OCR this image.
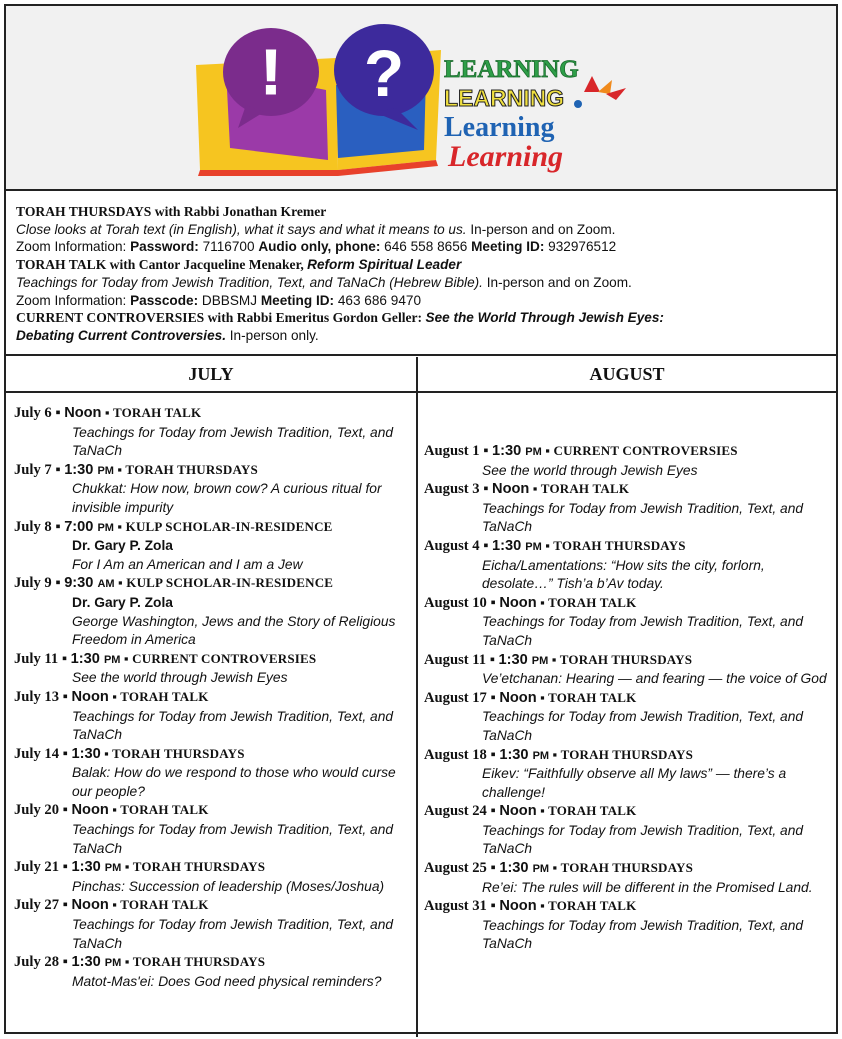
! ? LEARNING
LEARNING
Learning
Learning
TORAH THURSDAYS with Rabbi Jonathan Kremer
Close looks at Torah text (in English), what it says and what it means to us. In-person and on Zoom.
Zoom Information: Password: 7116700 Audio only, phone: 646 558 8656 Meeting ID: 932976512
TORAH TALK with Cantor Jacqueline Menaker, Reform Spiritual Leader
Teachings for Today from Jewish Tradition, Text, and TaNaCh (Hebrew Bible). In-person and on Zoom.
Zoom Information: Passcode: DBBSMJ Meeting ID: 463 686 9470
CURRENT CONTROVERSIES with Rabbi Emeritus Gordon Geller: See the World Through Jewish Eyes:
Debating Current Controversies. In-person only.
JULY	AUGUST
July 6 ▪ Noon ▪ TORAH TALK
Teachings for Today from Jewish Tradition, Text, and TaNaCh
July 7 ▪ 1:30 PM ▪ TORAH THURSDAYS
Chukkat: How now, brown cow? A curious ritual for invisible impurity
July 8 ▪ 7:00 PM ▪ KULP SCHOLAR-IN-RESIDENCE
Dr. Gary P. Zola
For I Am an American and I am a Jew
July 9 ▪ 9:30 AM ▪ KULP SCHOLAR-IN-RESIDENCE
Dr. Gary P. Zola
George Washington, Jews and the Story of Religious Freedom in America
July 11 ▪ 1:30 PM ▪ CURRENT CONTROVERSIES
See the world through Jewish Eyes
July 13 ▪ Noon ▪ TORAH TALK
Teachings for Today from Jewish Tradition, Text, and TaNaCh
July 14 ▪ 1:30 ▪ TORAH THURSDAYS
Balak: How do we respond to those who would curse our people?
July 20 ▪ Noon ▪ TORAH TALK
Teachings for Today from Jewish Tradition, Text, and TaNaCh
July 21 ▪ 1:30 PM ▪ TORAH THURSDAYS
Pinchas: Succession of leadership (Moses/Joshua)
July 27 ▪ Noon ▪ TORAH TALK
Teachings for Today from Jewish Tradition, Text, and TaNaCh
July 28 ▪ 1:30 PM ▪ TORAH THURSDAYS
Matot-Mas'ei: Does God need physical reminders?
August 1 ▪ 1:30 PM ▪ CURRENT CONTROVERSIES
See the world through Jewish Eyes
August 3 ▪ Noon ▪ TORAH TALK
Teachings for Today from Jewish Tradition, Text, and TaNaCh
August 4 ▪ 1:30 PM ▪ TORAH THURSDAYS
Eicha/Lamentations: “How sits the city, forlorn, desolate…” Tish’a b’Av today.
August 10 ▪ Noon ▪ TORAH TALK
Teachings for Today from Jewish Tradition, Text, and TaNaCh
August 11 ▪ 1:30 PM ▪ TORAH THURSDAYS
Ve’etchanan: Hearing — and fearing — the voice of God
August 17 ▪ Noon ▪ TORAH TALK
Teachings for Today from Jewish Tradition, Text, and TaNaCh
August 18 ▪ 1:30 PM ▪ TORAH THURSDAYS
Eikev: “Faithfully observe all My laws” — there’s a challenge!
August 24 ▪ Noon ▪ TORAH TALK
Teachings for Today from Jewish Tradition, Text, and TaNaCh
August 25 ▪ 1:30 PM ▪ TORAH THURSDAYS
Re’ei: The rules will be different in the Promised Land.
August 31 ▪ Noon ▪ TORAH TALK
Teachings for Today from Jewish Tradition, Text, and TaNaCh
